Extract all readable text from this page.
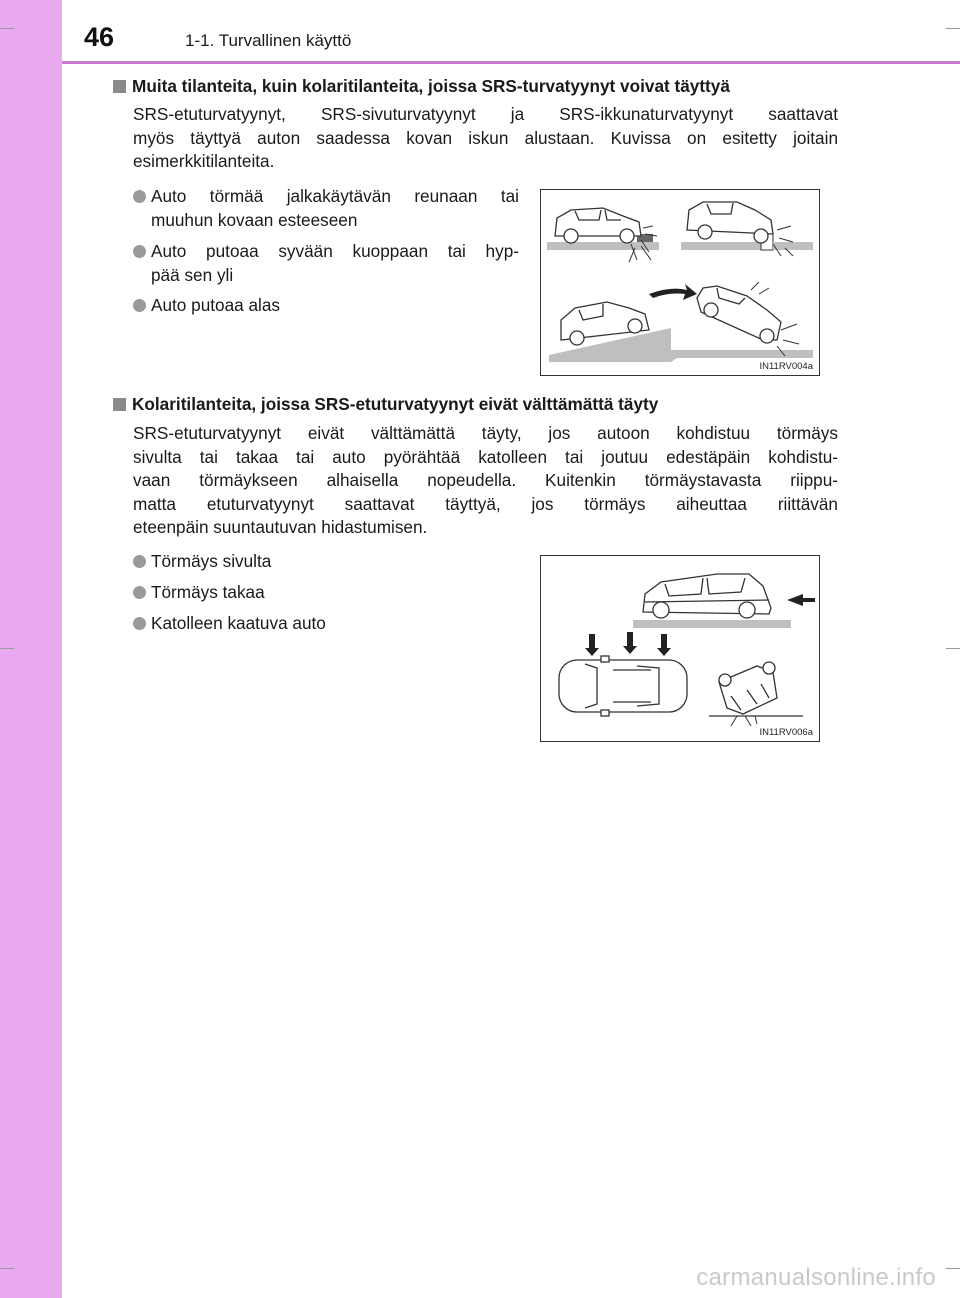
46	1-1. Turvallinen käyttö
Muita tilanteita, kuin kolaritilanteita, joissa SRS-turvatyynyt voivat täyttyä
SRS-etuturvatyynyt, SRS-sivuturvatyynyt ja SRS-ikkunaturvatyynyt saattavat
myös täyttyä auton saadessa kovan iskun alustaan. Kuvissa on esitetty joitain
esimerkkitilanteita.
Auto törmää jalkakäytävän reunaan tai
muuhun kovaan esteeseen
Auto putoaa syvään kuoppaan tai hyp-
pää sen yli
Auto putoaa alas
IN11RV004a
Kolaritilanteita, joissa SRS-etuturvatyynyt eivät välttämättä täyty
SRS-etuturvatyynyt eivät välttämättä täyty, jos autoon kohdistuu törmäys
sivulta tai takaa tai auto pyörähtää katolleen tai joutuu edestäpäin kohdistu-
vaan törmäykseen alhaisella nopeudella. Kuitenkin törmäystavasta riippu-
matta etuturvatyynyt saattavat täyttyä, jos törmäys aiheuttaa riittävän
eteenpäin suuntautuvan hidastumisen.
Törmäys sivulta
Törmäys takaa
Katolleen kaatuva auto
IN11RV006a
carmanualsonline.info
